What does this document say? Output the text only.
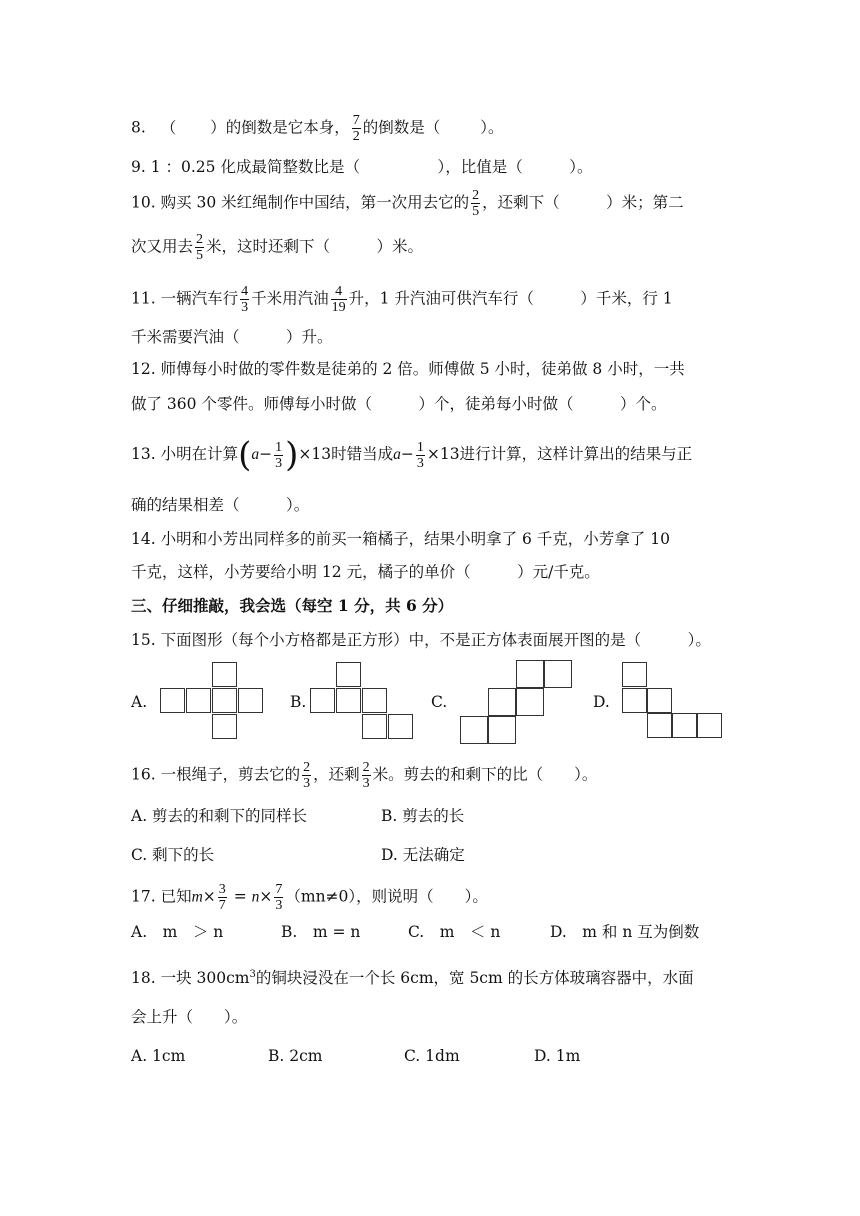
8. （ ）的倒数是它本身， $\frac{7}{2}$ 的倒数是（	）。
9. 1 ：0.25 化成最简整数比是（　　　　　），比值是（　　　）。
10. 购买 30 米红绳制作中国结，第一次用去它的 $\frac{2}{5}$ ，还剩下（　　　）米；第二
次又用去 $\frac{2}{5}$ 米，这时还剩下（　　　）米。
11. 一辆汽车行 $\frac{4}{3}$ 千米用汽油 $\frac{4}{19}$ 升，1 升汽油可供汽车行（　　　）千米，行 1
千米需要汽油（　　　）升。
12. 师傅每小时做的零件数是徒弟的 2 倍。师傅做 5 小时，徒弟做 8 小时，一共
做了 360 个零件。师傅每小时做（　　　）个，徒弟每小时做（　　　）个。
13. 小明在计算$(a- \frac{1}{3} )\times 13$时错当成$a- \frac{1}{3} \times 13$进行计算，这样计算出的结果与正
确的结果相差（　　　）。
14. 小明和小芳出同样多的前买一箱橘子，结果小明拿了 6 千克，小芳拿了 10
千克，这样，小芳要给小明 12 元，橘子的单价（　　　）元/千克。
三、仔细推敲，我会选（每空 1 分，共 6 分）
15. 下面图形（每个小方格都是正方形）中，不是正方体表面展开图的是（　　　）。
A.	B.	C.	D.
16. 一根绳子，剪去它的 $\frac{2}{3}$ ，还剩 $\frac{2}{3}$ 米。剪去的和剩下的比（　　）。
A. 剪去的和剩下的同样长	B. 剪去的长
C. 剩下的长	D. 无法确定
17. 已知$m\times \frac{3}{7} = n\times \frac{7}{3} (mn\ne 0)$，则说明（　　）。
A.　m　＞ n	B.　m = n	C.　m　＜ n	D.　m 和 n 互为倒数
18. 一块 $300cm^3$的铜块浸没在一个长 6cm，宽 5cm 的长方体玻璃容器中，水面
会上升（　　）。
A. 1cm	B. 2cm	C. 1dm	D. 1m
